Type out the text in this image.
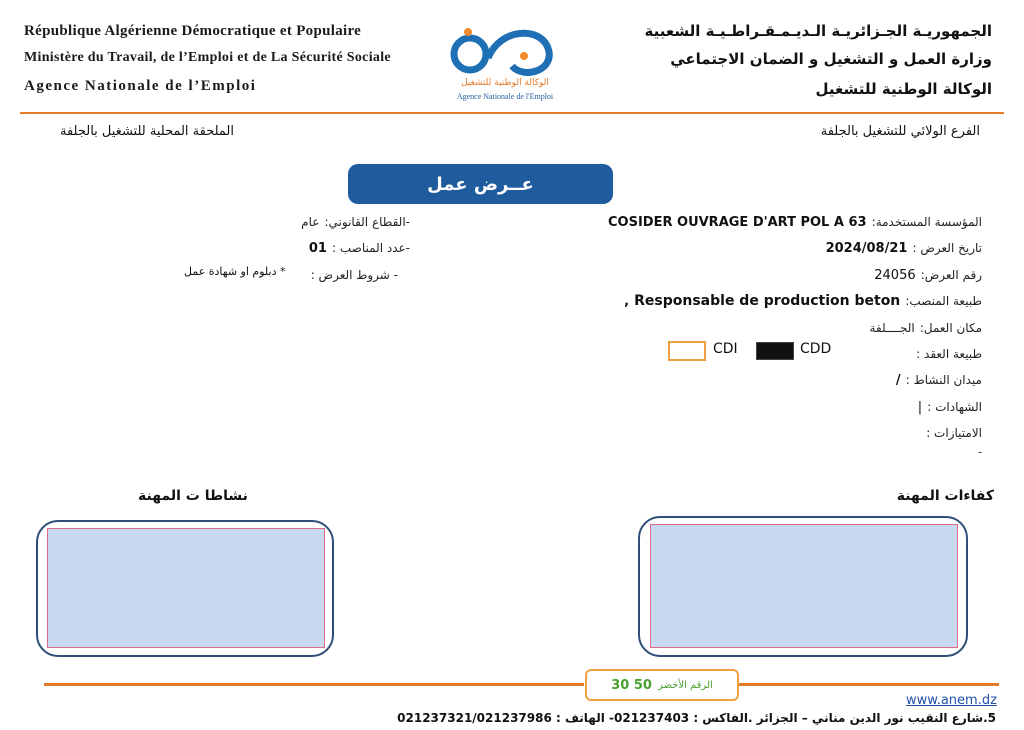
République Algérienne Démocratique et Populaire
Ministère du Travail, de l’Emploi et de La Sécurité Sociale
Agence Nationale de l’Emploi	الوكالة الوطنية للتشغيل
Agence Nationale de l'Emploi
الجمهوريـة الجـزائريـة الـديـمـقـراطـيـة الشعبية
وزارة العمل و التشغيل و الضمان الاجتماعي
الوكالة الوطنية للتشغيل
الفرع الولائي للتشغيل بالجلفة
الملحقة المحلية للتشغيل بالجلفة
عــرض عمل
المؤسسة المستخدمة: COSIDER OUVRAGE D'ART POL A 63
تاريخ العرض : 2024/08/21
رقم العرض: 24056
طبيعة المنصب: Responsable de production beton ,
مكان العمل: الجــــلفة
طبيعة العقد :
CDD
CDI
ميدان النشاط : /
الشهادات : |
الامتيازات :
-
-القطاع القانوني: عام
-عدد المناصب : 01
- شروط العرض :
* دبلوم او شهادة عمل
كفاءات المهنة
نشاطا ت المهنة
30 50 الرقم الأخضر
www.anem.dz
5.شارع النقيب نور الدين مناني – الجزائر .الفاكس : 021237403- الهاتف : 021237321/021237986
